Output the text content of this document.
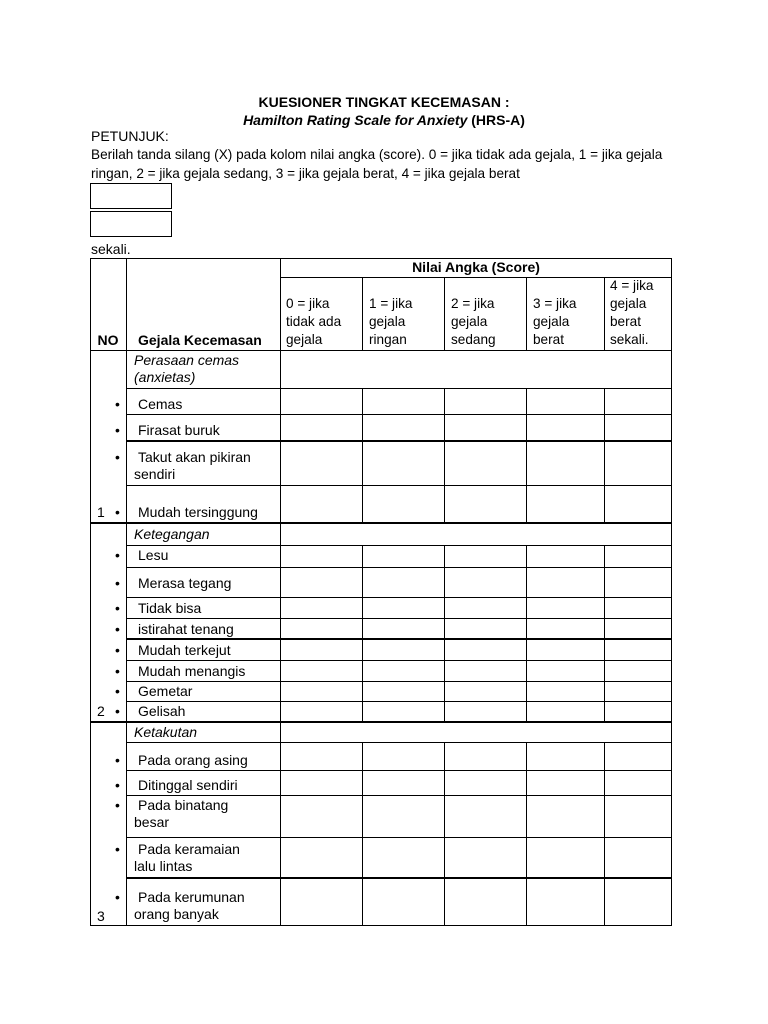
KUESIONER TINGKAT KECEMASAN :
Hamilton Rating Scale for Anxiety (HRS-A)
PETUNJUK:
Berilah tanda silang (X) pada kolom nilai angka (score). 0 = jika tidak ada gejala, 1 = jika gejala ringan, 2 = jika gejala sedang, 3 = jika gejala berat, 4 = jika gejala berat
sekali.
NO	Gejala Kecemasan
Nilai Angka (Score)
0 = jika tidak ada gejala
1 = jika gejala ringan
2 = jika gejala sedang
3 = jika gejala berat
4 = jika gejala berat sekali.
Perasaan cemas (anxietas)
• Cemas
• Firasat buruk
• Takut akan pikiran sendiri
1 • Mudah tersinggung
Ketegangan
• Lesu
• Merasa tegang
• Tidak bisa
• istirahat tenang
• Mudah terkejut
• Mudah menangis
• Gemetar
2 • Gelisah
Ketakutan
• Pada orang asing
• Ditinggal sendiri
• Pada binatang besar
• Pada keramaian lalu lintas
• Pada kerumunan orang banyak
3
